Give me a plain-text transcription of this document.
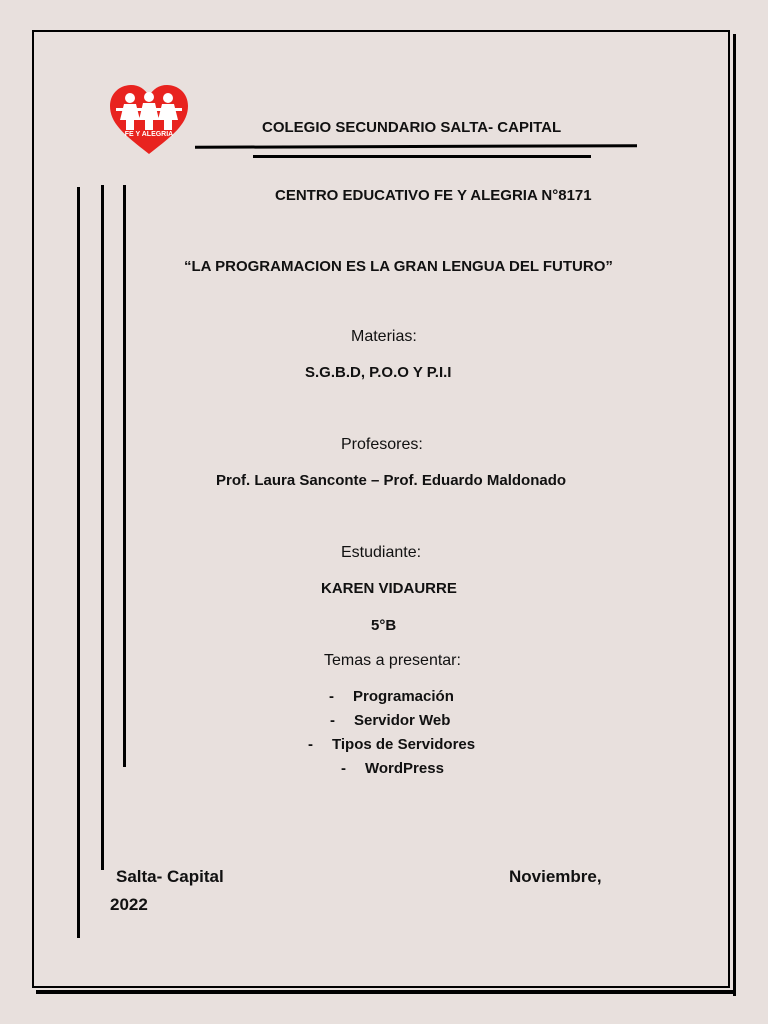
FE Y ALEGRIA	COLEGIO SECUNDARIO SALTA- CAPITAL
CENTRO EDUCATIVO FE Y ALEGRIA N°8171
“LA PROGRAMACION ES LA GRAN LENGUA DEL FUTURO”
Materias:
S.G.B.D, P.O.O Y P.I.I
Profesores:
Prof. Laura Sanconte – Prof. Eduardo Maldonado
Estudiante:
KAREN VIDAURRE
5°B
Temas a presentar:
- Programación
- Servidor Web
- Tipos de Servidores
- WordPress
Salta- Capital	Noviembre,
2022
